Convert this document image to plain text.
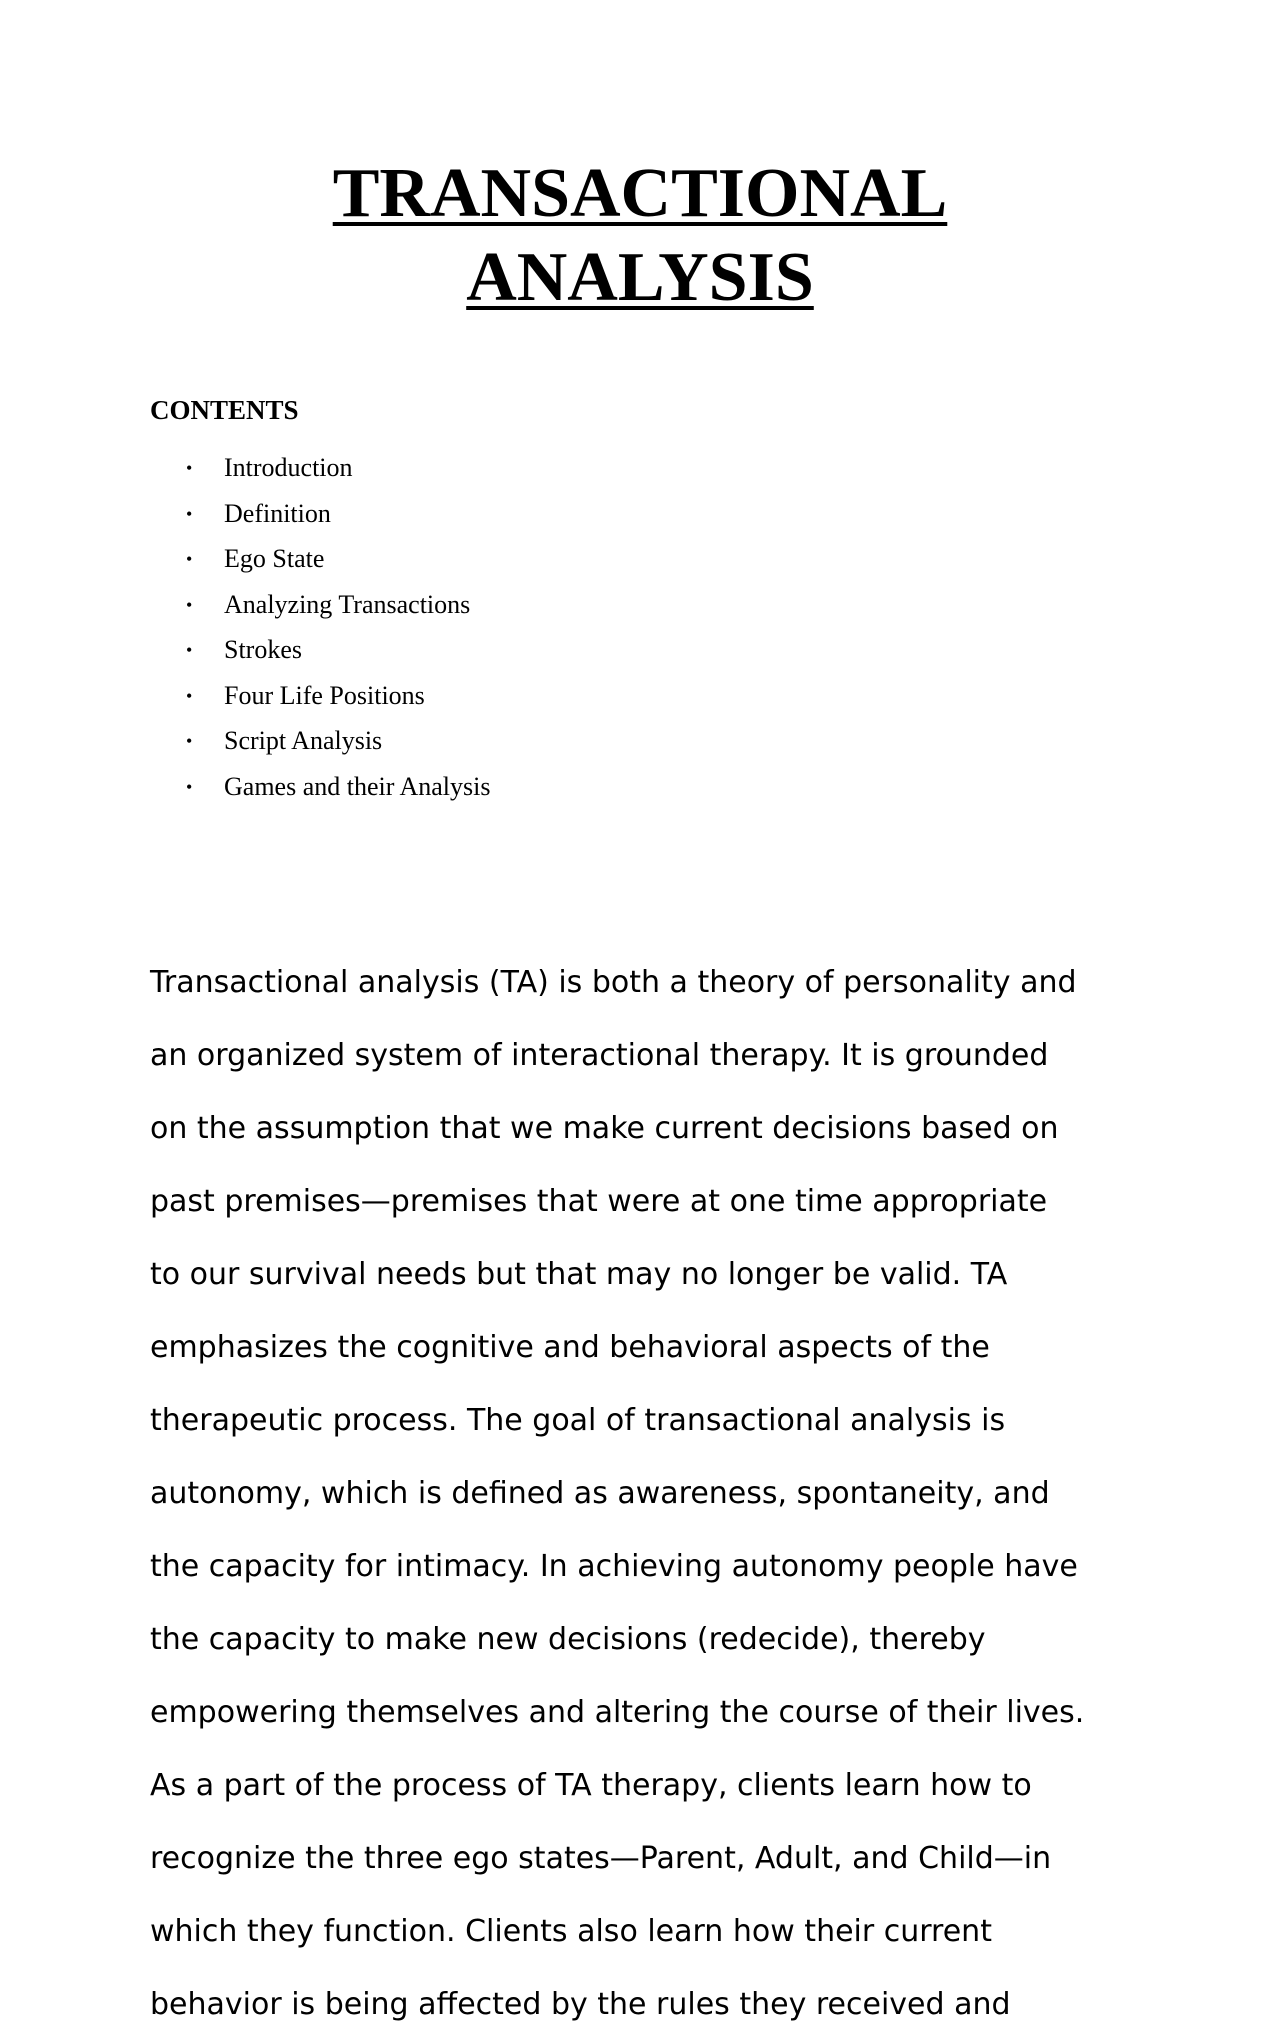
TRANSACTIONAL
ANALYSIS
CONTENTS
• Introduction
• Definition
• Ego State
• Analyzing Transactions
• Strokes
• Four Life Positions
• Script Analysis
• Games and their Analysis

Transactional analysis (TA) is both a theory of personality and

an organized system of interactional therapy. It is grounded

on the assumption that we make current decisions based on

past premises—premises that were at one time appropriate

to our survival needs but that may no longer be valid. TA

emphasizes the cognitive and behavioral aspects of the

therapeutic process. The goal of transactional analysis is

autonomy, which is defined as awareness, spontaneity, and

the capacity for intimacy. In achieving autonomy people have

the capacity to make new decisions (redecide), thereby

empowering themselves and altering the course of their lives.

As a part of the process of TA therapy, clients learn how to

recognize the three ego states—Parent, Adult, and Child—in

which they function. Clients also learn how their current

behavior is being affected by the rules they received and
